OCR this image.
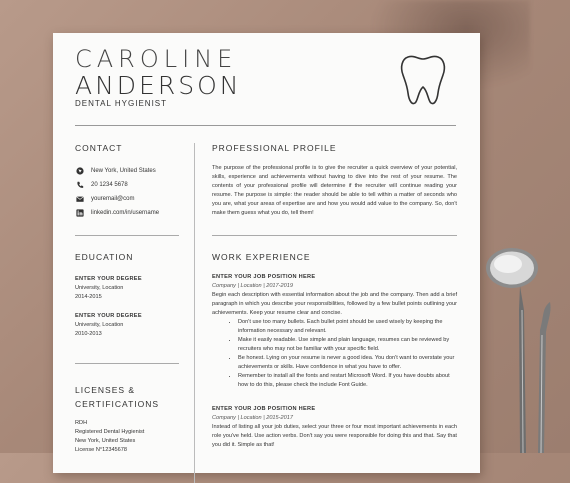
CAROLINE
ANDERSON
DENTAL HYGIENIST
CONTACT
New York, United States
20 1234 5678
youremail@com
linkedin.com/in/username
EDUCATION
ENTER YOUR DEGREE
University, Location
2014-2015
ENTER YOUR DEGREE
University, Location
2010-2013
LICENSES &
CERTIFICATIONS
RDH
Registered Dental Hygienist
New York, United States
License N°12345678
PROFESSIONAL PROFILE
The purpose of the professional profile is to give the recruiter a quick overview of your potential, skills, experience and achievements without having to dive into the rest of your resume. The contents of your professional profile will determine if the recruiter will continue reading your resume. The purpose is simple: the reader should be able to tell within a matter of seconds who you are, what your areas of expertise are and how you would add value to the company. So, don't make them guess what you do, tell them!
WORK EXPERIENCE
ENTER YOUR JOB POSITION HERE
Company | Location | 2017-2019
Begin each description with essential information about the job and the company. Then add a brief paragraph in which you describe your responsibilities, followed by a few bullet points outlining your achievements. Keep your resume clear and concise.
• Don't use too many bullets. Each bullet point should be used wisely by keeping the information necessary and relevant.
• Make it easily readable. Use simple and plain language, resumes can be reviewed by recruiters who may not be familiar with your specific field.
• Be honest. Lying on your resume is never a good idea. You don't want to overstate your achievements or skills. Have confidence in what you have to offer.
• Remember to install all the fonts and restart Microsoft Word. If you have doubts about how to do this, please check the include Font Guide.
ENTER YOUR JOB POSITION HERE
Company | Location | 2015-2017
Instead of listing all your job duties, select your three or four most important achievements in each role you've held. Use action verbs. Don't say you were responsible for doing this and that. Say that you did it. Simple as that!
